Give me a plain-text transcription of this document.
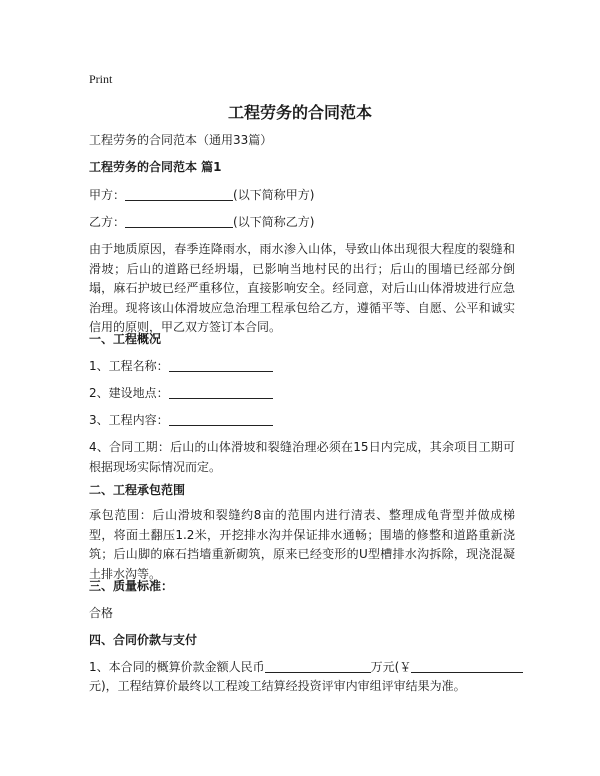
Print
工程劳务的合同范本
工程劳务的合同范本（通用33篇）
工程劳务的合同范本 篇1
甲方：	(以下简称甲方)
乙方：	(以下简称乙方)
由于地质原因，春季连降雨水，雨水渗入山体，导致山体出现很大程度的裂缝和滑坡；后山的道路已经坍塌，已影响当地村民的出行；后山的围墙已经部分倒塌，麻石护坡已经严重移位，直接影响安全。经同意，对后山山体滑坡进行应急治理。现将该山体滑坡应急治理工程承包给乙方，遵循平等、自愿、公平和诚实信用的原则，甲乙双方签订本合同。
一、工程概况
1、工程名称：
2、建设地点：
3、工程内容：
4、合同工期：后山的山体滑坡和裂缝治理必须在15日内完成，其余项目工期可根据现场实际情况而定。
二、工程承包范围
承包范围：后山滑坡和裂缝约8亩的范围内进行清表、整理成龟背型并做成梯型，将面土翻压1.2米，开挖排水沟并保证排水通畅；围墙的修整和道路重新浇筑；后山脚的麻石挡墙重新砌筑，原来已经变形的U型槽排水沟拆除，现浇混凝土排水沟等。
三、质量标准：
合格
四、合同价款与支付
1、本合同的概算价款金额人民币	万元(￥
元)，工程结算价最终以工程竣工结算经投资评审内审组评审结果为准。
